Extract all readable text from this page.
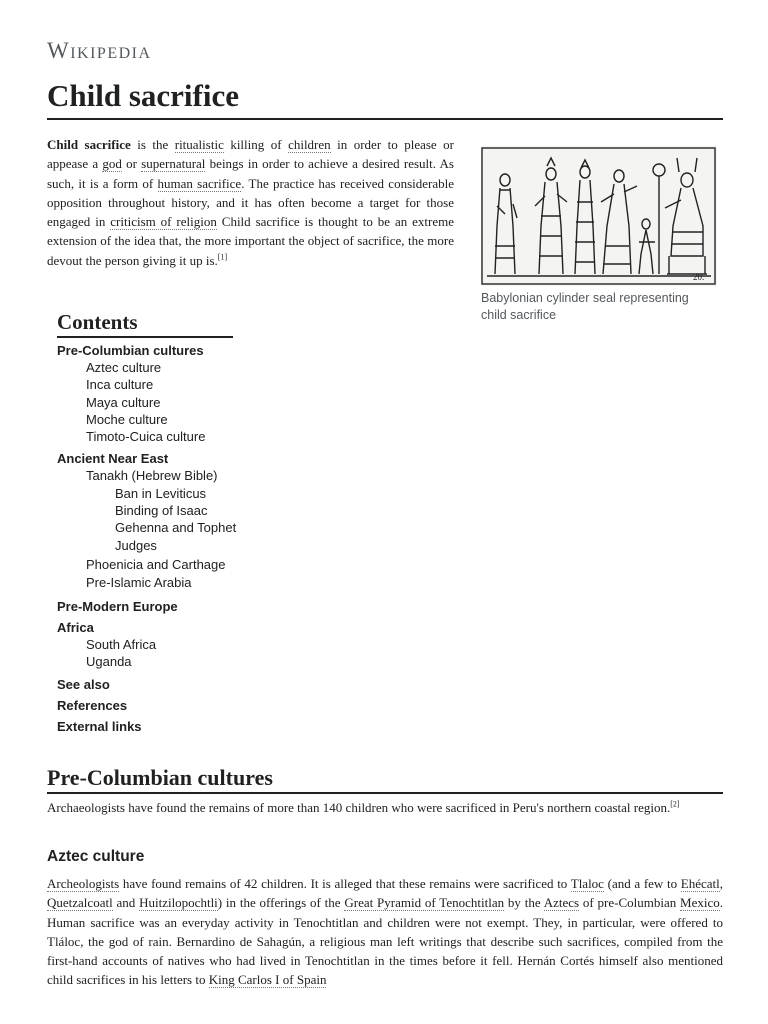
Wikipedia
Child sacrifice

Child sacrifice is the ritualistic killing of children in order to please or appease a god or supernatural beings in order to achieve a desired result. As such, it is a form of human sacrifice. The practice has received considerable opposition throughout history, and it has often become a target for those engaged in criticism of religion Child sacrifice is thought to be an extreme extension of the idea that, the more important the object of sacrifice, the more devout the person giving it up is.[1]

20.
Babylonian cylinder seal representing child sacrifice
Contents
Pre-Columbian cultures
Aztec culture
Inca culture
Maya culture
Moche culture
Timoto-Cuica culture
Ancient Near East
Tanakh (Hebrew Bible)
Ban in Leviticus
Binding of Isaac
Gehenna and Tophet
Judges
Phoenicia and Carthage
Pre-Islamic Arabia
Pre-Modern Europe
Africa
South Africa
Uganda
See also
References
External links
Pre-Columbian cultures

Archaeologists have found the remains of more than 140 children who were sacrificed in Peru's northern coastal region.[2]

Aztec culture

Archeologists have found remains of 42 children. It is alleged that these remains were sacrificed to Tlaloc (and a few to Ehécatl, Quetzalcoatl and Huitzilopochtli) in the offerings of the Great Pyramid of Tenochtitlan by the Aztecs of pre-Columbian Mexico. Human sacrifice was an everyday activity in Tenochtitlan and children were not exempt. They, in particular, were offered to Tláloc, the god of rain. Bernardino de Sahagún, a religious man left writings that describe such sacrifices, compiled from the first-hand accounts of natives who had lived in Tenochtitlan in the times before it fell. Hernán Cortés himself also mentioned child sacrifices in his letters to King Carlos I of Spain
